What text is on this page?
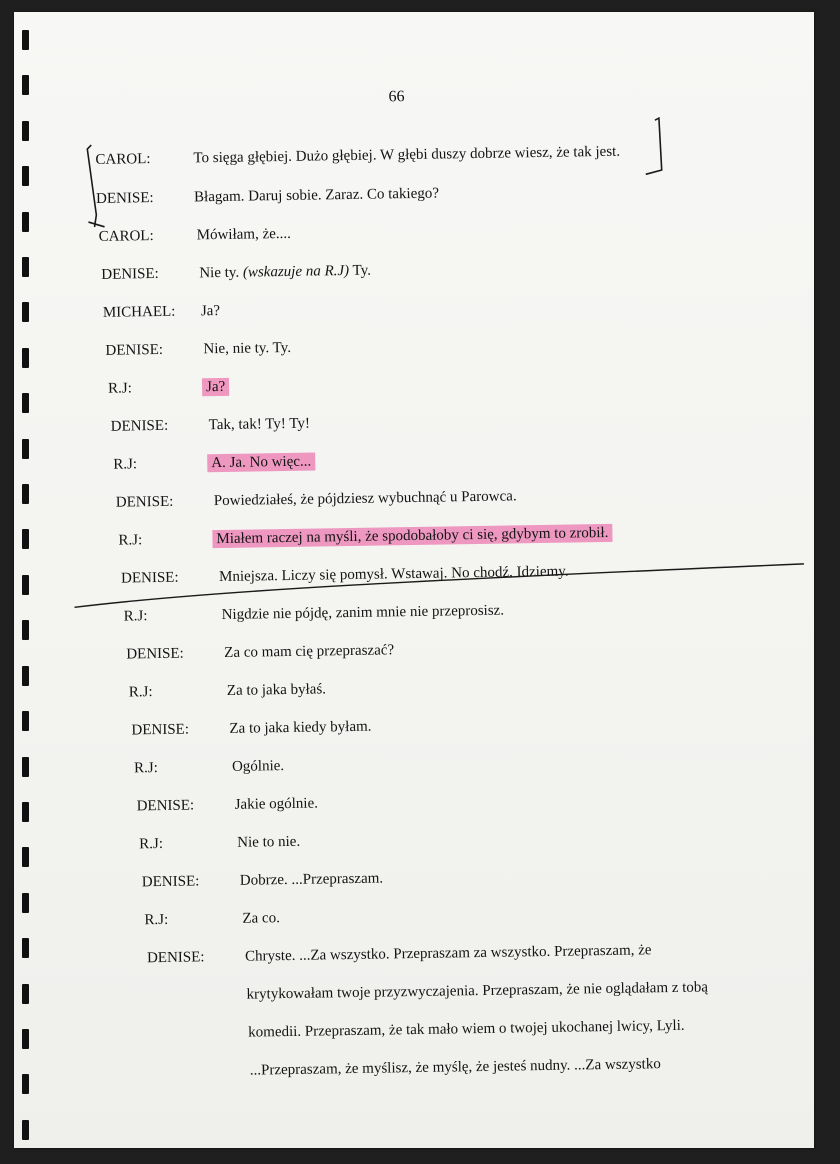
66
CAROL:	To sięga głębiej. Dużo głębiej. W głębi duszy dobrze wiesz, że tak jest.
DENISE:	Błagam. Daruj sobie. Zaraz. Co takiego?
CAROL:	Mówiłam, że....
DENISE:	Nie ty. (wskazuje na R.J) Ty.
MICHAEL: Ja?
DENISE:	Nie, nie ty. Ty.
R.J:	Ja?
DENISE:	Tak, tak! Ty! Ty!
R.J:	A. Ja. No więc...
DENISE:	Powiedziałeś, że pójdziesz wybuchnąć u Parowca.
R.J:	Miałem raczej na myśli, że spodobałoby ci się, gdybym to zrobił.
DENISE:	Mniejsza. Liczy się pomysł. Wstawaj. No chodź. Idziemy.
R.J:	Nigdzie nie pójdę, zanim mnie nie przeprosisz.
DENISE:	Za co mam cię przepraszać?
R.J:	Za to jaka byłaś.
DENISE:	Za to jaka kiedy byłam.
R.J:	Ogólnie.
DENISE:	Jakie ogólnie.
R.J:	Nie to nie.
DENISE:	Dobrze. ...Przepraszam.
R.J:	Za co.
DENISE:	Chryste. ...Za wszystko. Przepraszam za wszystko. Przepraszam, że
krytykowałam twoje przyzwyczajenia. Przepraszam, że nie oglądałam z tobą
komedii. Przepraszam, że tak mało wiem o twojej ukochanej lwicy, Lyli.
...Przepraszam, że myślisz, że myślę, że jesteś nudny. ...Za wszystko
